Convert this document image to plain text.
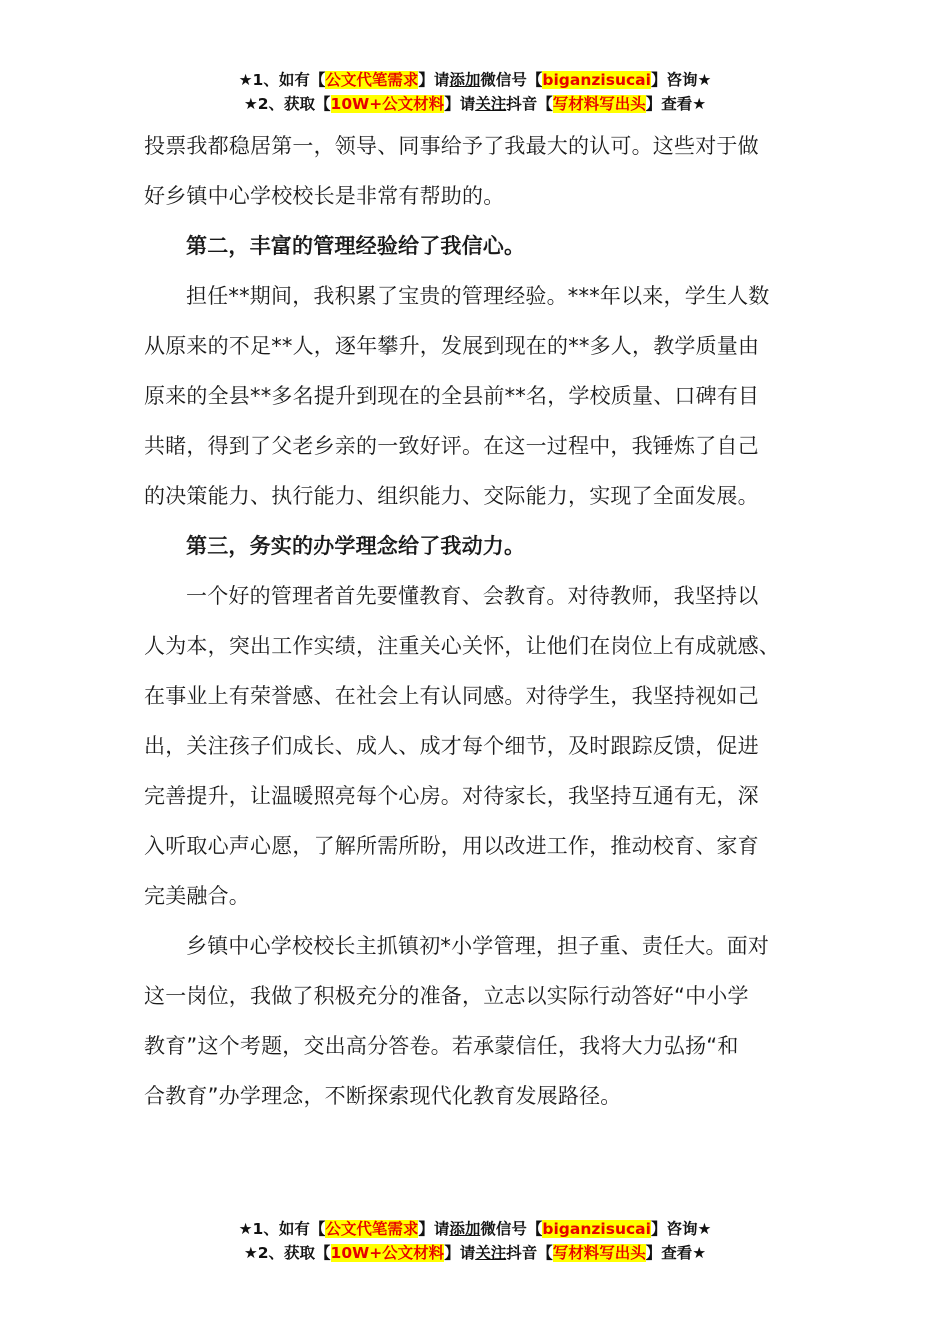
★1、如有【公文代笔需求】请添加微信号【biganzisucai】咨询★
★2、获取【10W+公文材料】请关注抖音【写材料写出头】查看★

投票我都稳居第一，领导、同事给予了我最大的认可。这些对于做
好乡镇中心学校校长是非常有帮助的。

第二，丰富的管理经验给了我信心。

担任**期间，我积累了宝贵的管理经验。***年以来，学生人数
从原来的不足**人，逐年攀升，发展到现在的**多人，教学质量由
原来的全县**多名提升到现在的全县前**名，学校质量、口碑有目
共睹，得到了父老乡亲的一致好评。在这一过程中，我锤炼了自己
的决策能力、执行能力、组织能力、交际能力，实现了全面发展。

第三，务实的办学理念给了我动力。

一个好的管理者首先要懂教育、会教育。对待教师，我坚持以
人为本，突出工作实绩，注重关心关怀，让他们在岗位上有成就感、
在事业上有荣誉感、在社会上有认同感。对待学生，我坚持视如己
出，关注孩子们成长、成人、成才每个细节，及时跟踪反馈，促进
完善提升，让温暖照亮每个心房。对待家长，我坚持互通有无，深
入听取心声心愿，了解所需所盼，用以改进工作，推动校育、家育
完美融合。

乡镇中心学校校长主抓镇初*小学管理，担子重、责任大。面对
这一岗位，我做了积极充分的准备，立志以实际行动答好“中小学
教育”这个考题，交出高分答卷。若承蒙信任，我将大力弘扬“和
合教育”办学理念，不断探索现代化教育发展路径。

★1、如有【公文代笔需求】请添加微信号【biganzisucai】咨询★
★2、获取【10W+公文材料】请关注抖音【写材料写出头】查看★
